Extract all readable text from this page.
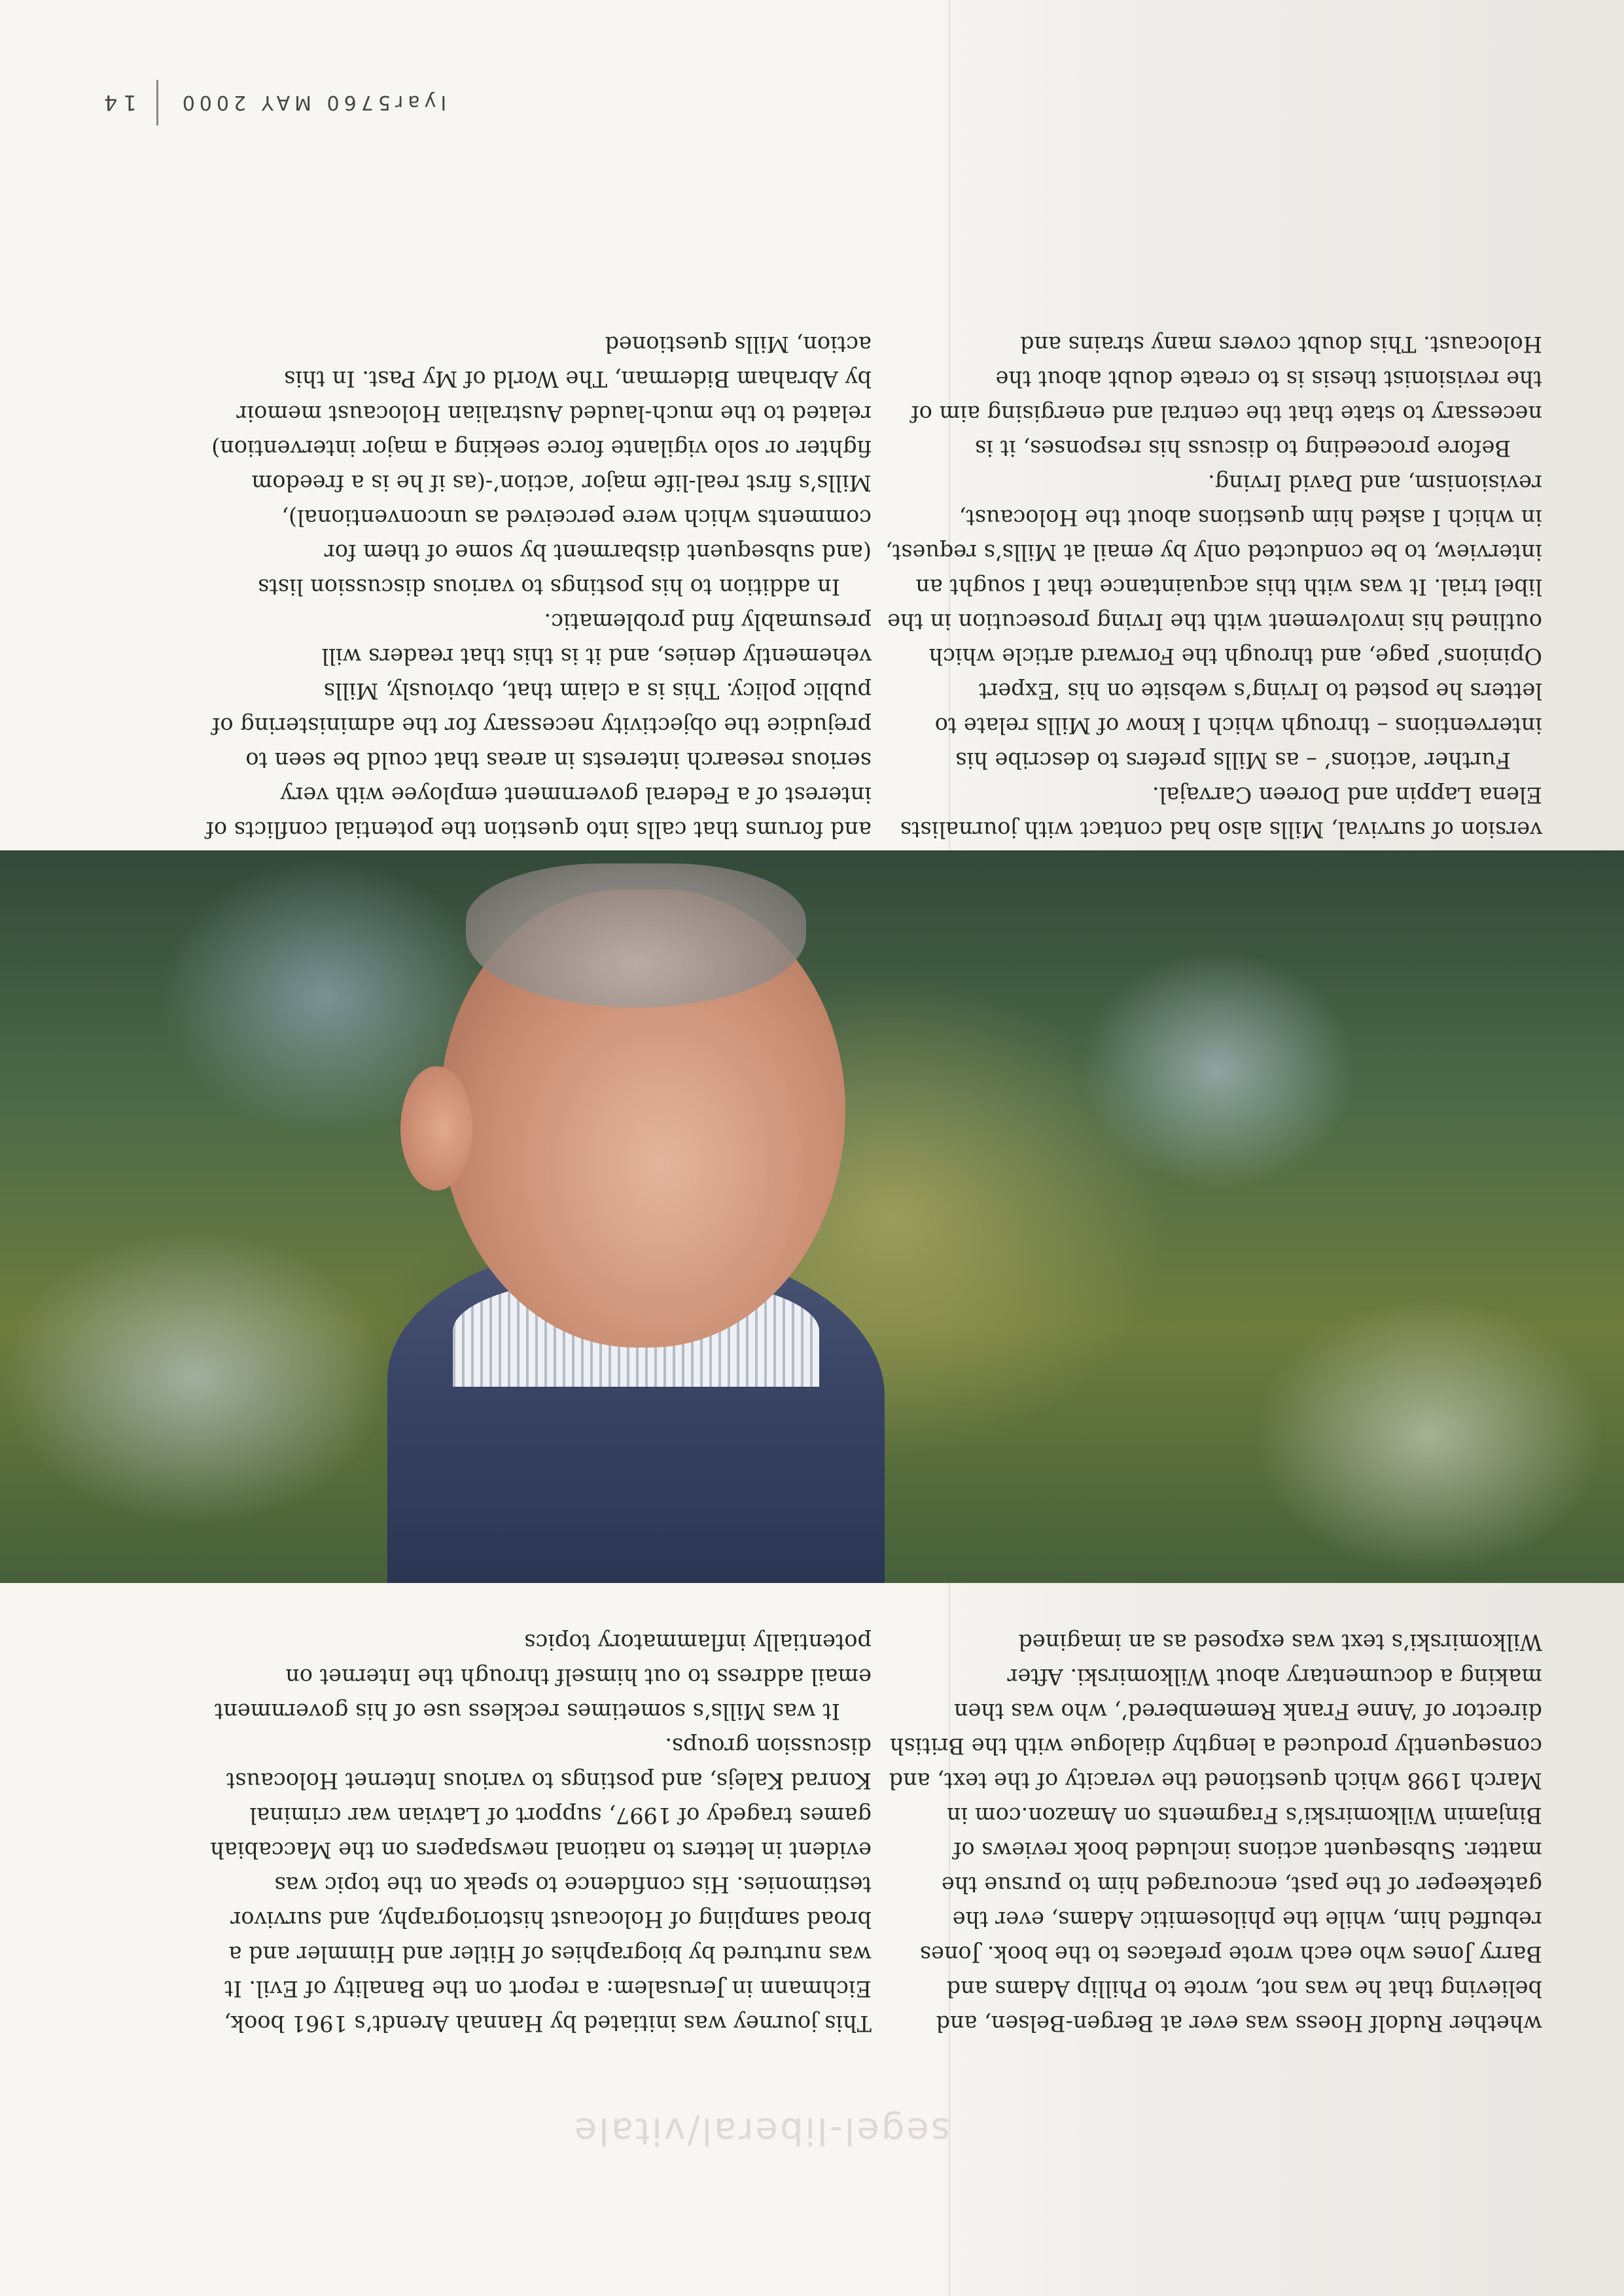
Iyar5760 MAY 2000
14
segel-liberal/vitale

and forums that calls into question the potential conflicts of interest of a Federal government employee with very serious research interests in areas that could be seen to prejudice the objectivity necessary for the administering of public policy. This is a claim that, obviously, Mills vehemently denies, and it is this that readers will presumably find problematic.

In addition to his postings to various discussion lists (and subsequent disbarment by some of them for comments which were perceived as unconventional), Mills’s first real-life major ‘action’-(as if he is a freedom fighter or solo vigilante force seeking a major intervention) related to the much-lauded Australian Holocaust memoir by Abraham Biderman, The World of My Past. In this action, Mills questioned

version of survival, Mills also had contact with journalists Elena Lappin and Doreen Carvajal.

Further ‘actions’ – as Mills prefers to describe his interventions – through which I know of Mills relate to letters he posted to Irving’s website on his ‘Expert Opinions’ page, and through the Forward article which outlined his involvement with the Irving prosecution in the libel trial. It was with this acquaintance that I sought an interview, to be conducted only by email at Mills’s request, in which I asked him questions about the Holocaust, revisionism, and David Irving.

Before proceeding to discuss his responses, it is necessary to state that the central and energising aim of the revisionist thesis is to create doubt about the Holocaust. This doubt covers many strains and

This journey was initiated by Hannah Arendt’s 1961 book, Eichmann in Jerusalem: a report on the Banality of Evil. It was nurtured by biographies of Hitler and Himmler and a broad sampling of Holocaust historiography, and survivor testimonies. His confidence to speak on the topic was evident in letters to national newspapers on the Maccabiah games tragedy of 1997, support of Latvian war criminal Konrad Kalejs, and postings to various Internet Holocaust discussion groups.

It was Mills’s sometimes reckless use of his government email address to out himself through the Internet on potentially inflammatory topics

whether Rudolf Hoess was ever at Bergen-Belsen, and believing that he was not, wrote to Phillip Adams and Barry Jones who each wrote prefaces to the book. Jones rebuffed him, while the philosemitic Adams, ever the gatekeeper of the past, encouraged him to pursue the matter. Subsequent actions included book reviews of Binjamin Wilkomirski’s Fragments on Amazon.com in March 1998 which questioned the veracity of the text, and consequently produced a lengthy dialogue with the British director of ‘Anne Frank Remembered’, who was then making a documentary about Wilkomirski. After Wilkomirski’s text was exposed as an imagined
